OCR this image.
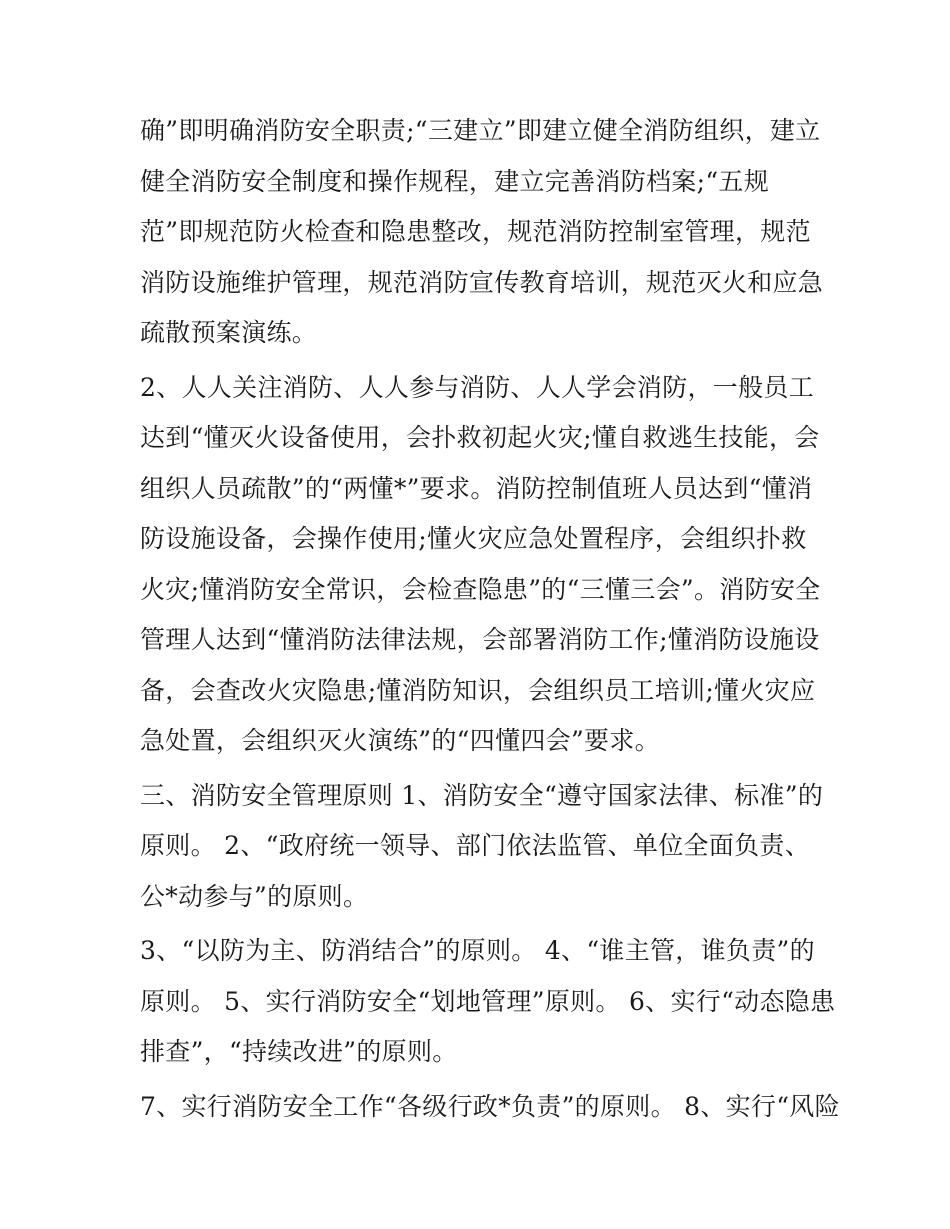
确”即明确消防安全职责;“三建立”即建立健全消防组织，建立
健全消防安全制度和操作规程，建立完善消防档案;“五规
范”即规范防火检查和隐患整改，规范消防控制室管理，规范
消防设施维护管理，规范消防宣传教育培训，规范灭火和应急
疏散预案演练。
2、人人关注消防、人人参与消防、人人学会消防，一般员工
达到“懂灭火设备使用，会扑救初起火灾;懂自救逃生技能，会
组织人员疏散”的“两懂*”要求。消防控制值班人员达到“懂消
防设施设备，会操作使用;懂火灾应急处置程序，会组织扑救
火灾;懂消防安全常识，会检查隐患”的“三懂三会”。消防安全
管理人达到“懂消防法律法规，会部署消防工作;懂消防设施设
备，会查改火灾隐患;懂消防知识，会组织员工培训;懂火灾应
急处置，会组织灭火演练”的“四懂四会”要求。
三、消防安全管理原则 1、消防安全“遵守国家法律、标准”的
原则。 2、“政府统一领导、部门依法监管、单位全面负责、
公*动参与”的原则。
3、“以防为主、防消结合”的原则。 4、“谁主管，谁负责”的
原则。 5、实行消防安全“划地管理”原则。 6、实行“动态隐患
排查”，“持续改进”的原则。
7、实行消防安全工作“各级行政*负责”的原则。 8、实行“风险
